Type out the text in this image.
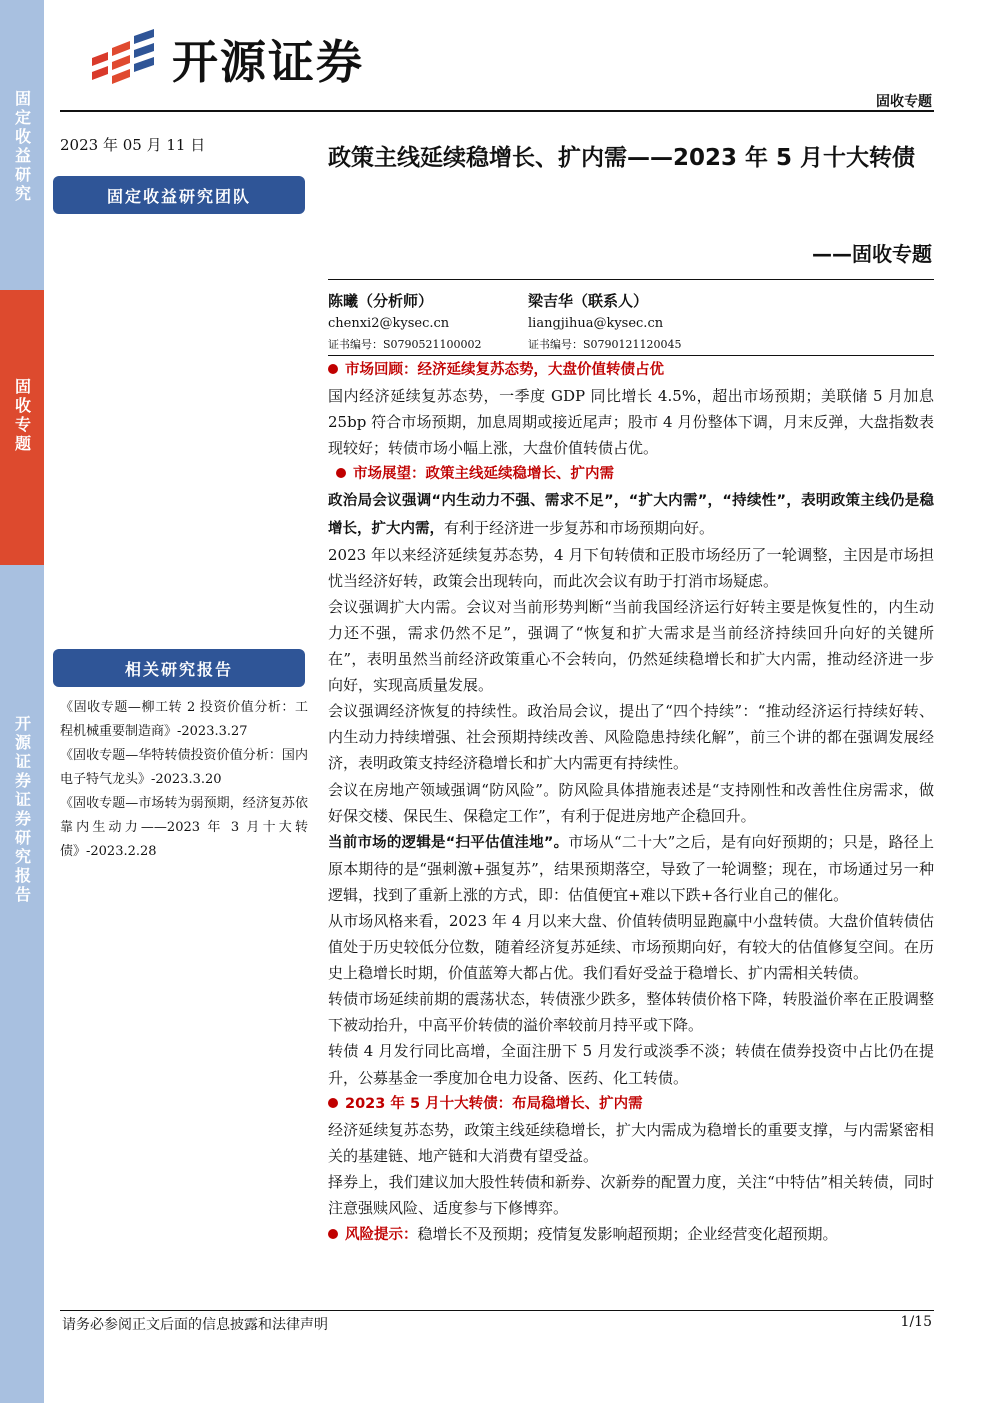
固定收益研究
固收专题
开源证券证券研究报告
开源证券
固收专题
2023 年 05 月 11 日
固定收益研究团队
相关研究报告

《固收专题—柳工转 2 投资价值分析：工程机械重要制造商》-2023.3.27

《固收专题—华特转债投资价值分析：国内电子特气龙头》-2023.3.20

《固收专题—市场转为弱预期，经济复苏依靠内生动力——2023 年 3 月十大转债》-2023.2.28

政策主线延续稳增长、扩内需——2023 年 5 月十大转债
——固收专题
陈曦（分析师）
chenxi2@kysec.cn
证书编号：S0790521100002
梁吉华（联系人）
liangjihua@kysec.cn
证书编号：S0790121120045

市场回顾：经济延续复苏态势，大盘价值转债占优

国内经济延续复苏态势，一季度 GDP 同比增长 4.5%，超出市场预期；美联储 5 月加息 25bp 符合市场预期，加息周期或接近尾声；股市 4 月份整体下调，月末反弹，大盘指数表现较好；转债市场小幅上涨，大盘价值转债占优。

市场展望：政策主线延续稳增长、扩内需

政治局会议强调“内生动力不强、需求不足”，“扩大内需”，“持续性”，表明政策主线仍是稳增长，扩大内需，有利于经济进一步复苏和市场预期向好。

2023 年以来经济延续复苏态势，4 月下旬转债和正股市场经历了一轮调整，主因是市场担忧当经济好转，政策会出现转向，而此次会议有助于打消市场疑虑。

会议强调扩大内需。会议对当前形势判断“当前我国经济运行好转主要是恢复性的，内生动力还不强，需求仍然不足”，强调了“恢复和扩大需求是当前经济持续回升向好的关键所在”，表明虽然当前经济政策重心不会转向，仍然延续稳增长和扩大内需，推动经济进一步向好，实现高质量发展。

会议强调经济恢复的持续性。政治局会议，提出了“四个持续”：“推动经济运行持续好转、内生动力持续增强、社会预期持续改善、风险隐患持续化解”，前三个讲的都在强调发展经济，表明政策支持经济稳增长和扩大内需更有持续性。

会议在房地产领域强调“防风险”。防风险具体措施表述是“支持刚性和改善性住房需求，做好保交楼、保民生、保稳定工作”，有利于促进房地产企稳回升。

当前市场的逻辑是“扫平估值洼地”。市场从“二十大”之后，是有向好预期的；只是，路径上原本期待的是“强刺激+强复苏”，结果预期落空，导致了一轮调整；现在，市场通过另一种逻辑，找到了重新上涨的方式，即：估值便宜+难以下跌+各行业自己的催化。

从市场风格来看，2023 年 4 月以来大盘、价值转债明显跑赢中小盘转债。大盘价值转债估值处于历史较低分位数，随着经济复苏延续、市场预期向好，有较大的估值修复空间。在历史上稳增长时期，价值蓝筹大都占优。我们看好受益于稳增长、扩内需相关转债。

转债市场延续前期的震荡状态，转债涨少跌多，整体转债价格下降，转股溢价率在正股调整下被动抬升，中高平价转债的溢价率较前月持平或下降。

转债 4 月发行同比高增，全面注册下 5 月发行或淡季不淡；转债在债券投资中占比仍在提升，公募基金一季度加仓电力设备、医药、化工转债。

2023 年 5 月十大转债：布局稳增长、扩内需

经济延续复苏态势，政策主线延续稳增长，扩大内需成为稳增长的重要支撑，与内需紧密相关的基建链、地产链和大消费有望受益。

择券上，我们建议加大股性转债和新券、次新券的配置力度，关注“中特估”相关转债，同时注意强赎风险、适度参与下修博弈。

风险提示：稳增长不及预期；疫情复发影响超预期；企业经营变化超预期。

请务必参阅正文后面的信息披露和法律声明	1/15
